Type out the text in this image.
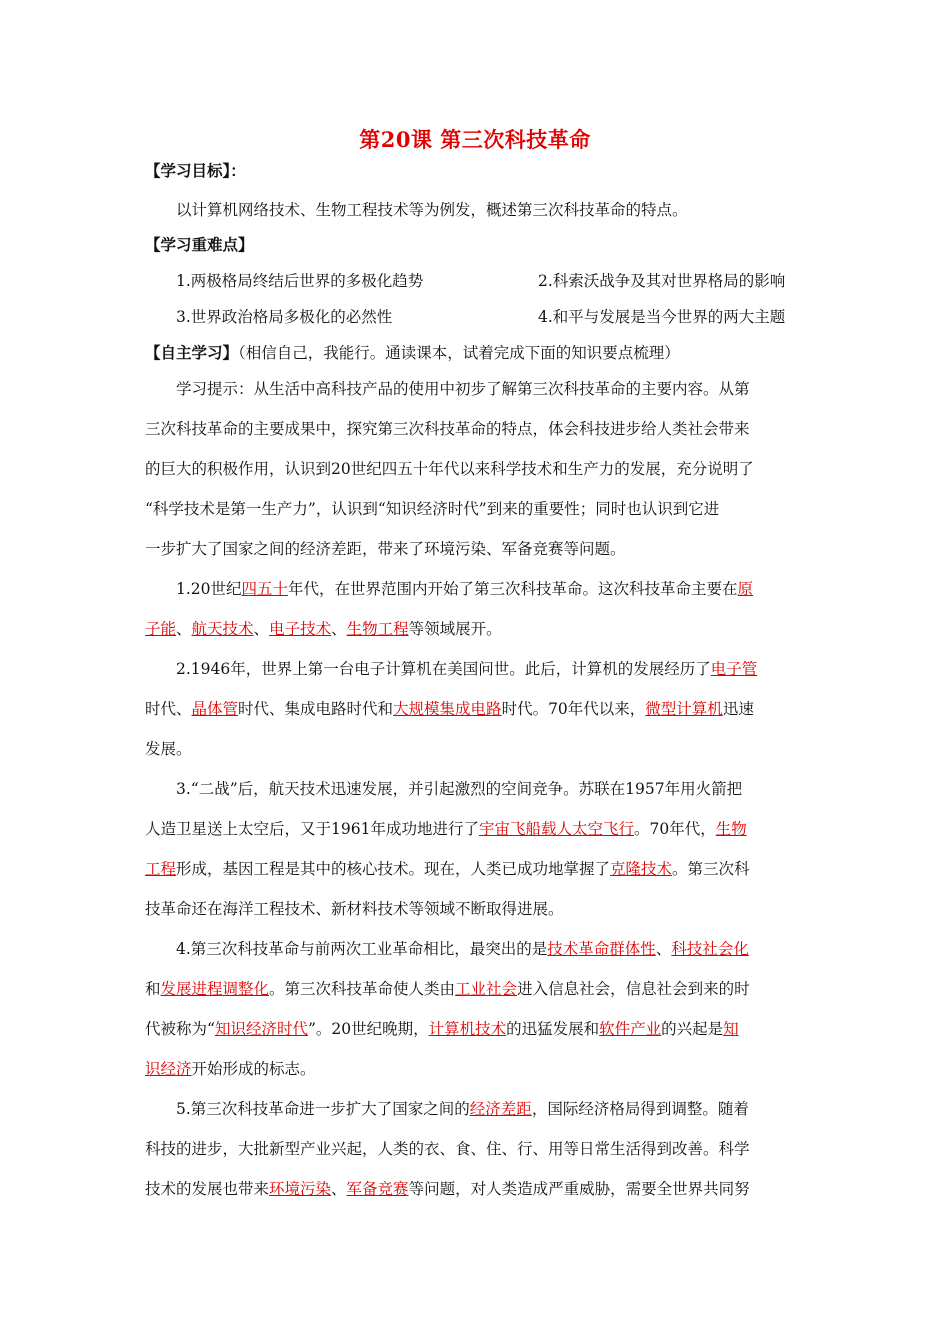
第20课 第三次科技革命
【学习目标】：
以计算机网络技术、生物工程技术等为例发，概述第三次科技革命的特点。
【学习重难点】
1.两极格局终结后世界的多极化趋势	2.科索沃战争及其对世界格局的影响
3.世界政治格局多极化的必然性	4.和平与发展是当今世界的两大主题
【自主学习】（相信自己，我能行。通读课本，试着完成下面的知识要点梳理）
学习提示：从生活中高科技产品的使用中初步了解第三次科技革命的主要内容。从第
三次科技革命的主要成果中，探究第三次科技革命的特点，体会科技进步给人类社会带来
的巨大的积极作用，认识到20世纪四五十年代以来科学技术和生产力的发展，充分说明了
“科学技术是第一生产力”，认识到“知识经济时代”到来的重要性；同时也认识到它进
一步扩大了国家之间的经济差距，带来了环境污染、军备竞赛等问题。
1.20世纪四五十年代，在世界范围内开始了第三次科技革命。这次科技革命主要在原
子能、航天技术、电子技术、生物工程等领域展开。
2.1946年，世界上第一台电子计算机在美国问世。此后，计算机的发展经历了电子管
时代、晶体管时代、集成电路时代和大规模集成电路时代。70年代以来，微型计算机迅速
发展。
3.“二战”后，航天技术迅速发展，并引起激烈的空间竞争。苏联在1957年用火箭把
人造卫星送上太空后，又于1961年成功地进行了宇宙飞船载人太空飞行。70年代，生物
工程形成，基因工程是其中的核心技术。现在，人类已成功地掌握了克隆技术。第三次科
技革命还在海洋工程技术、新材料技术等领域不断取得进展。
4.第三次科技革命与前两次工业革命相比，最突出的是技术革命群体性、科技社会化
和发展进程调整化。第三次科技革命使人类由工业社会进入信息社会，信息社会到来的时
代被称为“知识经济时代”。20世纪晚期，计算机技术的迅猛发展和软件产业的兴起是知
识经济开始形成的标志。
5.第三次科技革命进一步扩大了国家之间的经济差距，国际经济格局得到调整。随着
科技的进步，大批新型产业兴起，人类的衣、食、住、行、用等日常生活得到改善。科学
技术的发展也带来环境污染、军备竞赛等问题，对人类造成严重威胁，需要全世界共同努
